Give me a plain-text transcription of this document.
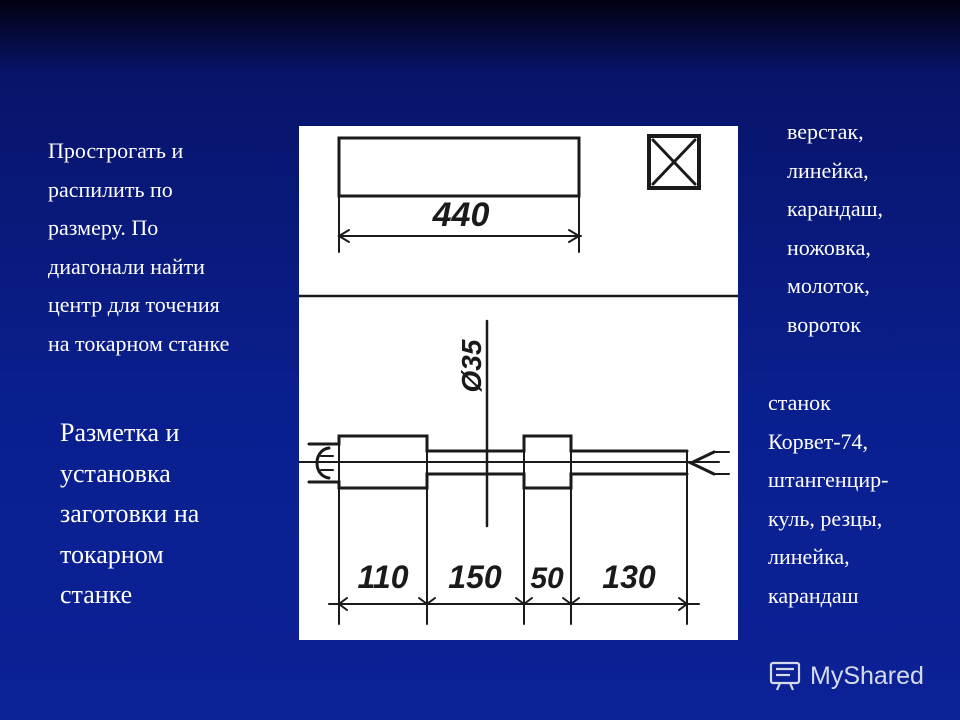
Прострогать и
распилить по
размеру. По
диагонали найти
центр для точения
на токарном станке
верстак,
линейка,
карандаш,
ножовка,
молоток,
вороток
Разметка и
установка
заготовки на
токарном
станке
станок
Корвет-74,
штангенцир-
куль, резцы,
линейка,
карандаш
440
Ø35
110 150 50 130
MyShared
